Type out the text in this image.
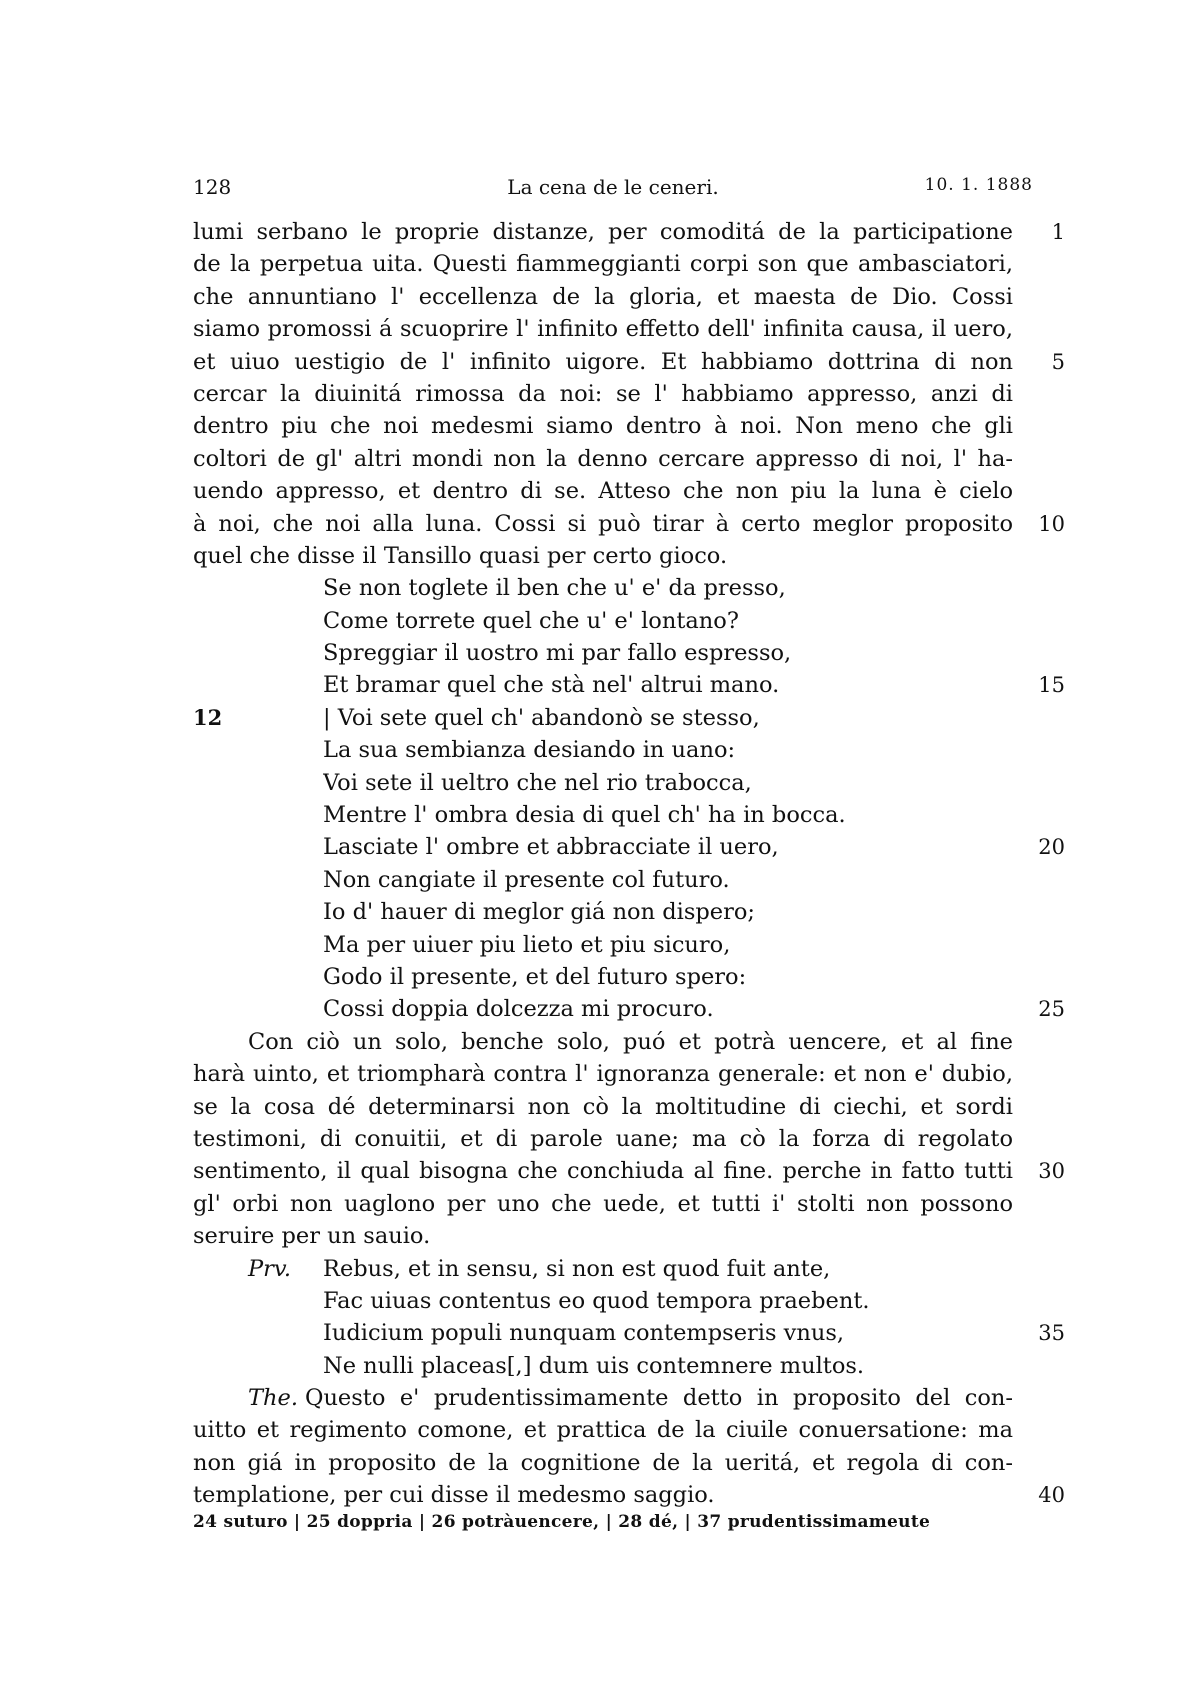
128	La cena de le ceneri.	10. 1. 1888
lumi serbano le proprie distanze, per comoditá de la participatione	1
de la perpetua uita. Questi fiammeggianti corpi son que ambasciatori,
che annuntiano l' eccellenza de la gloria, et maesta de Dio. Cossi
siamo promossi á scuoprire l' infinito effetto dell' infinita causa, il uero,
et uiuo uestigio de l' infinito uigore. Et habbiamo dottrina di non	5
cercar la diuinitá rimossa da noi: se l' habbiamo appresso, anzi di
dentro piu che noi medesmi siamo dentro à noi. Non meno che gli
coltori de gl' altri mondi non la denno cercare appresso di noi, l' ha-
uendo appresso, et dentro di se. Atteso che non piu la luna è cielo
à noi, che noi alla luna. Cossi si può tirar à certo meglor proposito	10
quel che disse il Tansillo quasi per certo gioco.
Se non toglete il ben che u' e' da presso,
Come torrete quel che u' e' lontano?
Spreggiar il uostro mi par fallo espresso,
Et bramar quel che stà nel' altrui mano.	15
12	| Voi sete quel ch' abandonò se stesso,
La sua sembianza desiando in uano:
Voi sete il ueltro che nel rio trabocca,
Mentre l' ombra desia di quel ch' ha in bocca.
Lasciate l' ombre et abbracciate il uero,	20
Non cangiate il presente col futuro.
Io d' hauer di meglor giá non dispero;
Ma per uiuer piu lieto et piu sicuro,
Godo il presente, et del futuro spero:
Cossi doppia dolcezza mi procuro.	25
Con ciò un solo, benche solo, puó et potrà uencere, et al fine
harà uinto, et triompharà contra l' ignoranza generale: et non e' dubio,
se la cosa dé determinarsi non cò la moltitudine di ciechi, et sordi
testimoni, di conuitii, et di parole uane; ma cò la forza di regolato
sentimento, il qual bisogna che conchiuda al fine. perche in fatto tutti	30
gl' orbi non uaglono per uno che uede, et tutti i' stolti non possono
seruire per un sauio.
Prv. Rebus, et in sensu, si non est quod fuit ante,
Fac uiuas contentus eo quod tempora praebent.
Iudicium populi nunquam contempseris vnus,	35
Ne nulli placeas[,] dum uis contemnere multos.
The. Questo e' prudentissimamente detto in proposito del con-
uitto et regimento comone, et prattica de la ciuile conuersatione: ma
non giá in proposito de la cognitione de la ueritá, et regola di con-
templatione, per cui disse il medesmo saggio.	40
24 suturo | 25 doppria | 26 potràuencere, | 28 dé, | 37 prudentissimameute
